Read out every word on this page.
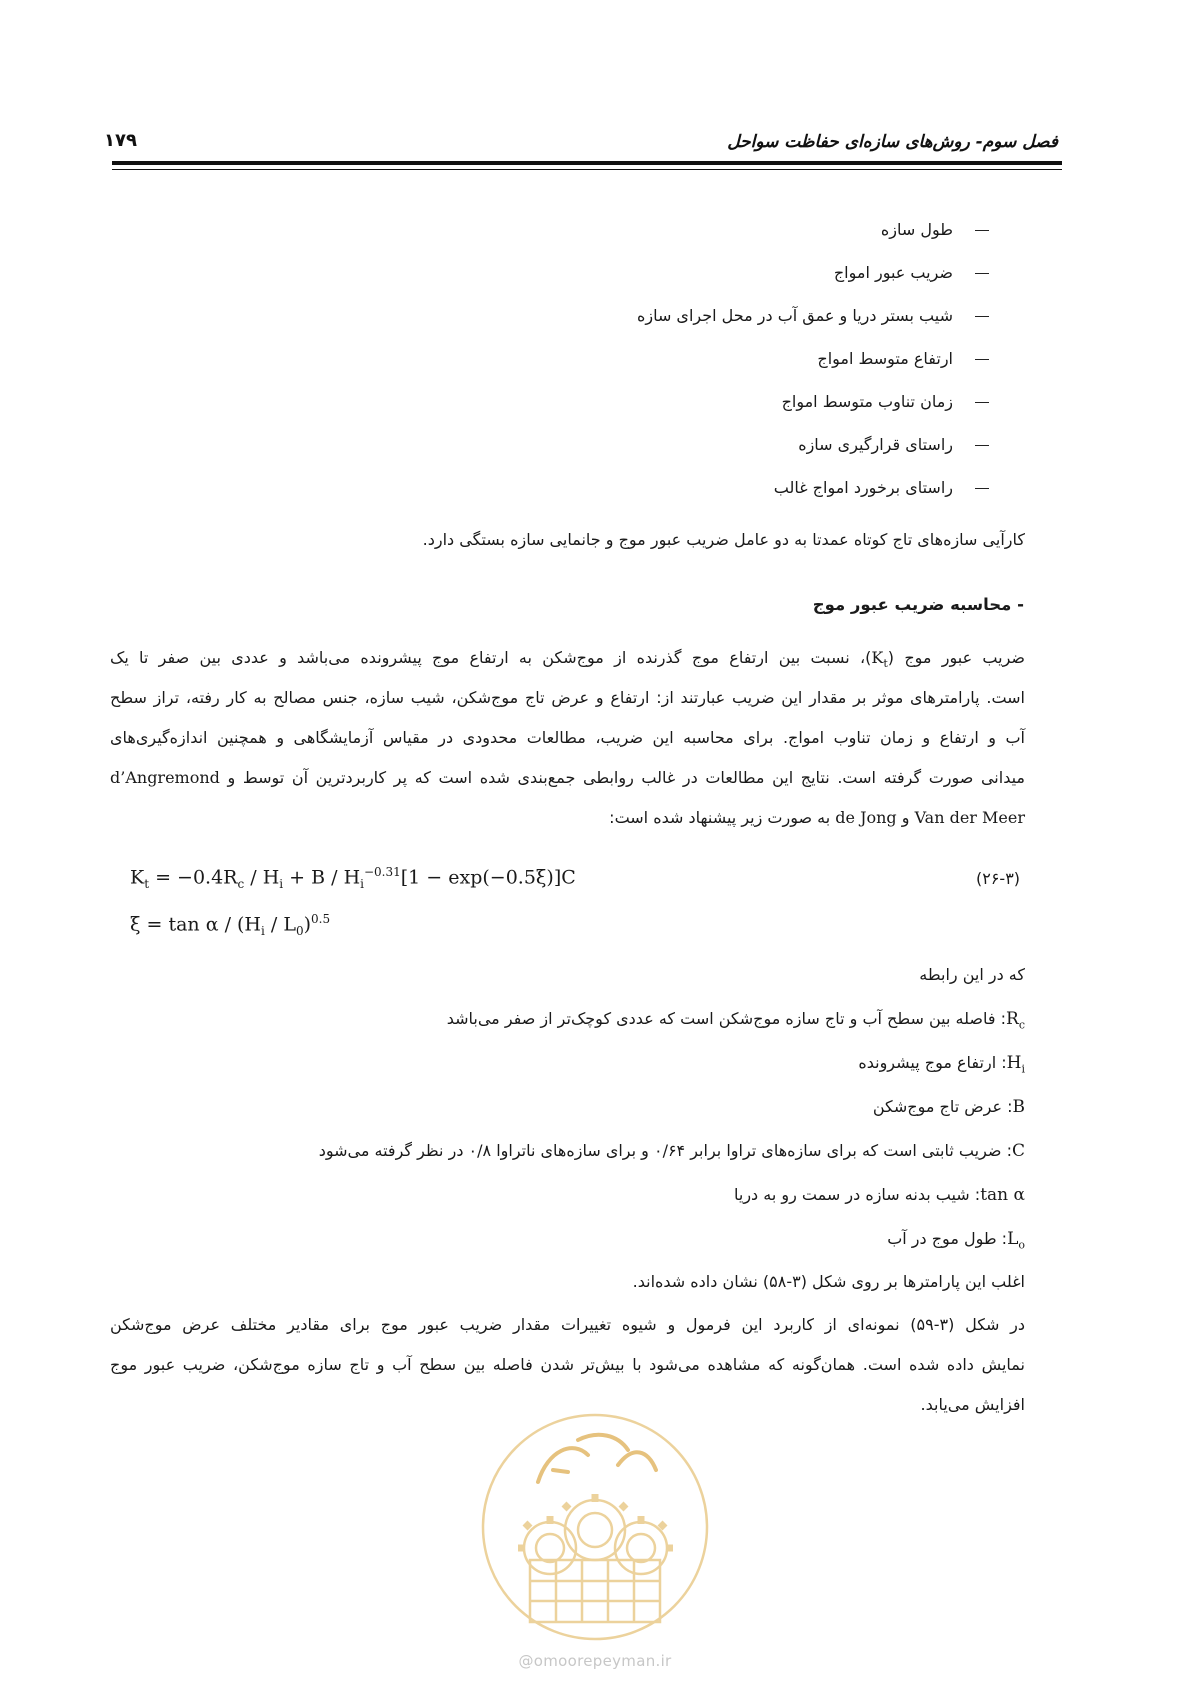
فصل سوم- روش‌های سازه‌ای حفاظت سواحل
۱۷۹
طول سازه
ضریب عبور امواج
شیب بستر دریا و عمق آب در محل اجرای سازه
ارتفاع متوسط امواج
زمان تناوب متوسط امواج
راستای قرارگیری سازه
راستای برخورد امواج غالب

کارآیی سازه‌های تاج کوتاه عمدتا به دو عامل ضریب عبور موج و جانمایی سازه بستگی دارد.

- محاسبه ضریب عبور موج

ضریب عبور موج $(K_t)،$ نسبت بین ارتفاع موج گذرنده از موج‌شکن به ارتفاع موج پیشرونده می‌باشد و عددی بین صفر تا یک

است. پارامترهای موثر بر مقدار این ضریب عبارتند از: ارتفاع و عرض تاج موج‌شکن، شیب سازه، جنس مصالح به کار رفته، تراز سطح

آب و ارتفاع و زمان تناوب امواج. برای محاسبه این ضریب، مطالعات محدودی در مقیاس آزمایشگاهی و همچنین اندازه‌گیری‌های

میدانی صورت گرفته است. نتایج این مطالعات در غالب روابطی جمع‌بندی شده است که پر کاربردترین آن توسط d’Angremond و

Van der Meer و de Jong به صورت زیر پیشنهاد شده است:

$K_t = -0.4R_c / H_i + B / H_i^{-0.31}[1 - \exp(-0.5\xi)]C$	(۲۶-۳)
$\xi = \tan \alpha / (H_i / L_0)^{0.5}$
که در این رابطه
$R_c$: فاصله بین سطح آب و تاج سازه موج‌شکن است که عددی کوچک‌تر از صفر می‌باشد
$H_i$: ارتفاع موج پیشرونده
B: عرض تاج موج‌شکن
C: ضریب ثابتی است که برای سازه‌های تراوا برابر ۰/۶۴ و برای سازه‌های ناتراوا ۰/۸ در نظر گرفته می‌شود
tan α: شیب بدنه سازه در سمت رو به دریا
$L_o$: طول موج در آب

اغلب این پارامترها بر روی شکل (۳-۵۸) نشان داده شده‌اند.

در شکل (۳-۵۹) نمونه‌ای از کاربرد این فرمول و شیوه تغییرات مقدار ضریب عبور موج برای مقادیر مختلف عرض موج‌شکن

نمایش داده شده است. همان‌گونه که مشاهده می‌شود با بیش‌تر شدن فاصله بین سطح آب و تاج سازه موج‌شکن، ضریب عبور موج

افزایش می‌یابد.

@omoorepeyman.ir
